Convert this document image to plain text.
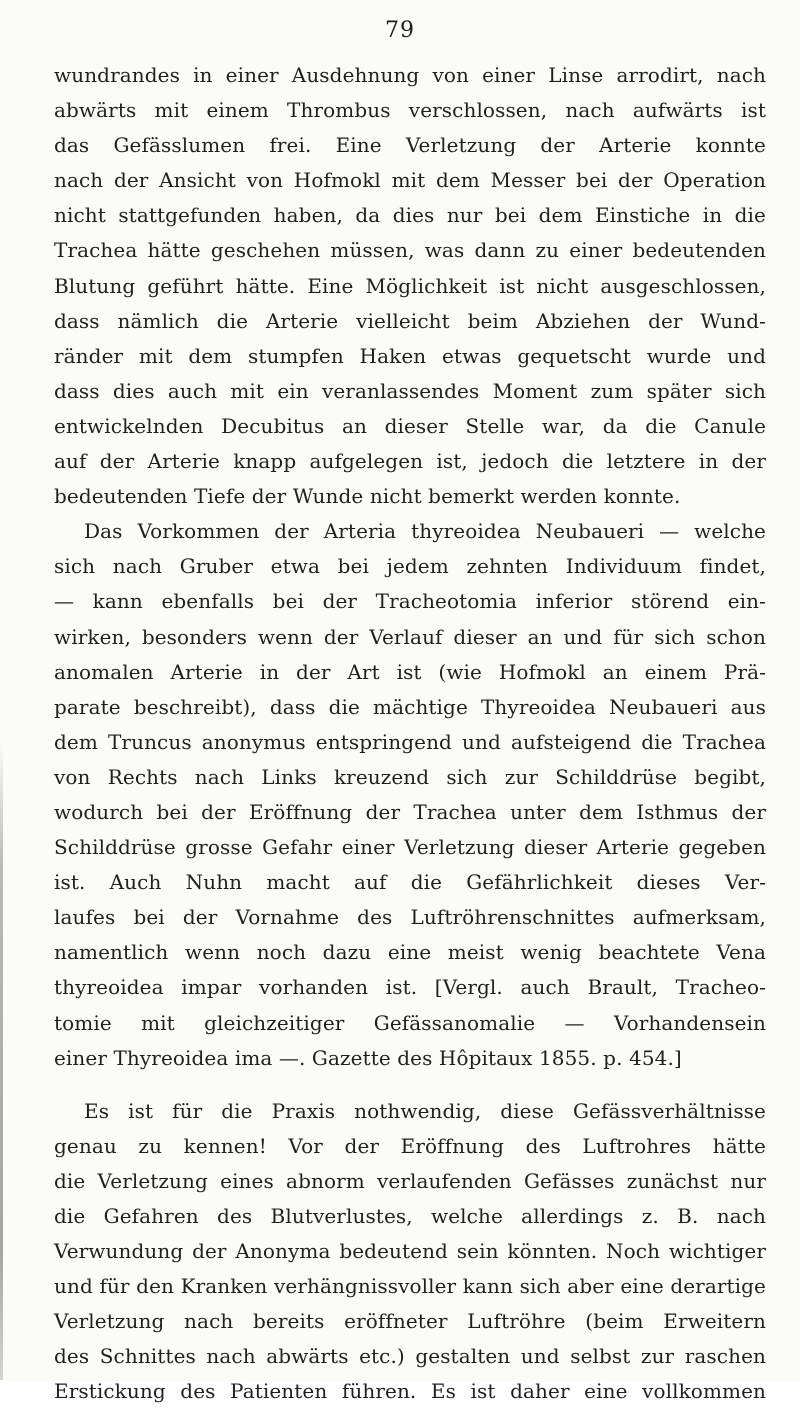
79
wundrandes in einer Ausdehnung von einer Linse arrodirt, nach
abwärts mit einem Thrombus verschlossen, nach aufwärts ist
das Gefässlumen frei. Eine Verletzung der Arterie konnte
nach der Ansicht von Hofmokl mit dem Messer bei der Operation
nicht stattgefunden haben, da dies nur bei dem Einstiche in die
Trachea hätte geschehen müssen, was dann zu einer bedeutenden
Blutung geführt hätte. Eine Möglichkeit ist nicht ausgeschlossen,
dass nämlich die Arterie vielleicht beim Abziehen der Wund-
ränder mit dem stumpfen Haken etwas gequetscht wurde und
dass dies auch mit ein veranlassendes Moment zum später sich
entwickelnden Decubitus an dieser Stelle war, da die Canule
auf der Arterie knapp aufgelegen ist, jedoch die letztere in der
bedeutenden Tiefe der Wunde nicht bemerkt werden konnte.
Das Vorkommen der Arteria thyreoidea Neubaueri — welche
sich nach Gruber etwa bei jedem zehnten Individuum findet,
— kann ebenfalls bei der Tracheotomia inferior störend ein-
wirken, besonders wenn der Verlauf dieser an und für sich schon
anomalen Arterie in der Art ist (wie Hofmokl an einem Prä-
parate beschreibt), dass die mächtige Thyreoidea Neubaueri aus
dem Truncus anonymus entspringend und aufsteigend die Trachea
von Rechts nach Links kreuzend sich zur Schilddrüse begibt,
wodurch bei der Eröffnung der Trachea unter dem Isthmus der
Schilddrüse grosse Gefahr einer Verletzung dieser Arterie gegeben
ist. Auch Nuhn macht auf die Gefährlichkeit dieses Ver-
laufes bei der Vornahme des Luftröhrenschnittes aufmerksam,
namentlich wenn noch dazu eine meist wenig beachtete Vena
thyreoidea impar vorhanden ist. [Vergl. auch Brault, Tracheo-
tomie mit gleichzeitiger Gefässanomalie — Vorhandensein
einer Thyreoidea ima —. Gazette des Hôpitaux 1855. p. 454.]
Es ist für die Praxis nothwendig, diese Gefässverhältnisse
genau zu kennen! Vor der Eröffnung des Luftrohres hätte
die Verletzung eines abnorm verlaufenden Gefässes zunächst nur
die Gefahren des Blutverlustes, welche allerdings z. B. nach
Verwundung der Anonyma bedeutend sein könnten. Noch wichtiger
und für den Kranken verhängnissvoller kann sich aber eine derartige
Verletzung nach bereits eröffneter Luftröhre (beim Erweitern
des Schnittes nach abwärts etc.) gestalten und selbst zur raschen
Erstickung des Patienten führen. Es ist daher eine vollkommen
